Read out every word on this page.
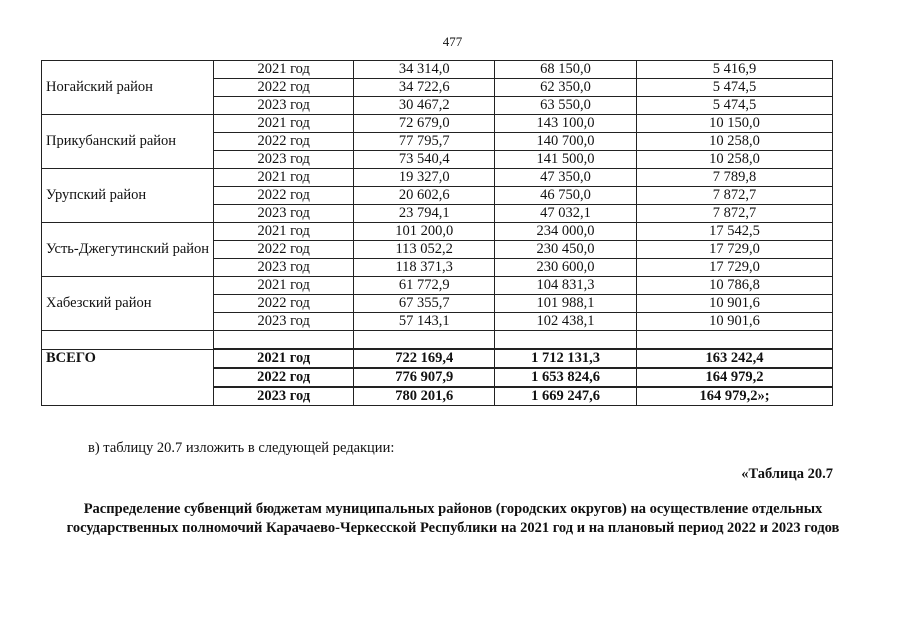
477
Ногайский район	2021 год	34 314,0	68 150,0	5 416,9
	2022 год	34 722,6	62 350,0	5 474,5
	2023 год	30 467,2	63 550,0	5 474,5
Прикубанский район	2021 год	72 679,0	143 100,0	10 150,0
	2022 год	77 795,7	140 700,0	10 258,0
	2023 год	73 540,4	141 500,0	10 258,0
Урупский район	2021 год	19 327,0	47 350,0	7 789,8
	2022 год	20 602,6	46 750,0	7 872,7
	2023 год	23 794,1	47 032,1	7 872,7
Усть-Джегутинский район	2021 год	101 200,0	234 000,0	17 542,5
	2022 год	113 052,2	230 450,0	17 729,0
	2023 год	118 371,3	230 600,0	17 729,0
Хабезский район	2021 год	61 772,9	104 831,3	10 786,8
	2022 год	67 355,7	101 988,1	10 901,6
	2023 год	57 143,1	102 438,1	10 901,6

ВСЕГО	2021 год	722 169,4	1 712 131,3	163 242,4
	2022 год	776 907,9	1 653 824,6	164 979,2
	2023 год	780 201,6	1 669 247,6	164 979,2»;
в) таблицу 20.7 изложить в следующей редакции:
«Таблица 20.7
Распределение субвенций бюджетам муниципальных районов (городских округов) на осуществление отдельных государственных полномочий Карачаево-Черкесской Республики на 2021 год и на плановый период 2022 и 2023 годов
